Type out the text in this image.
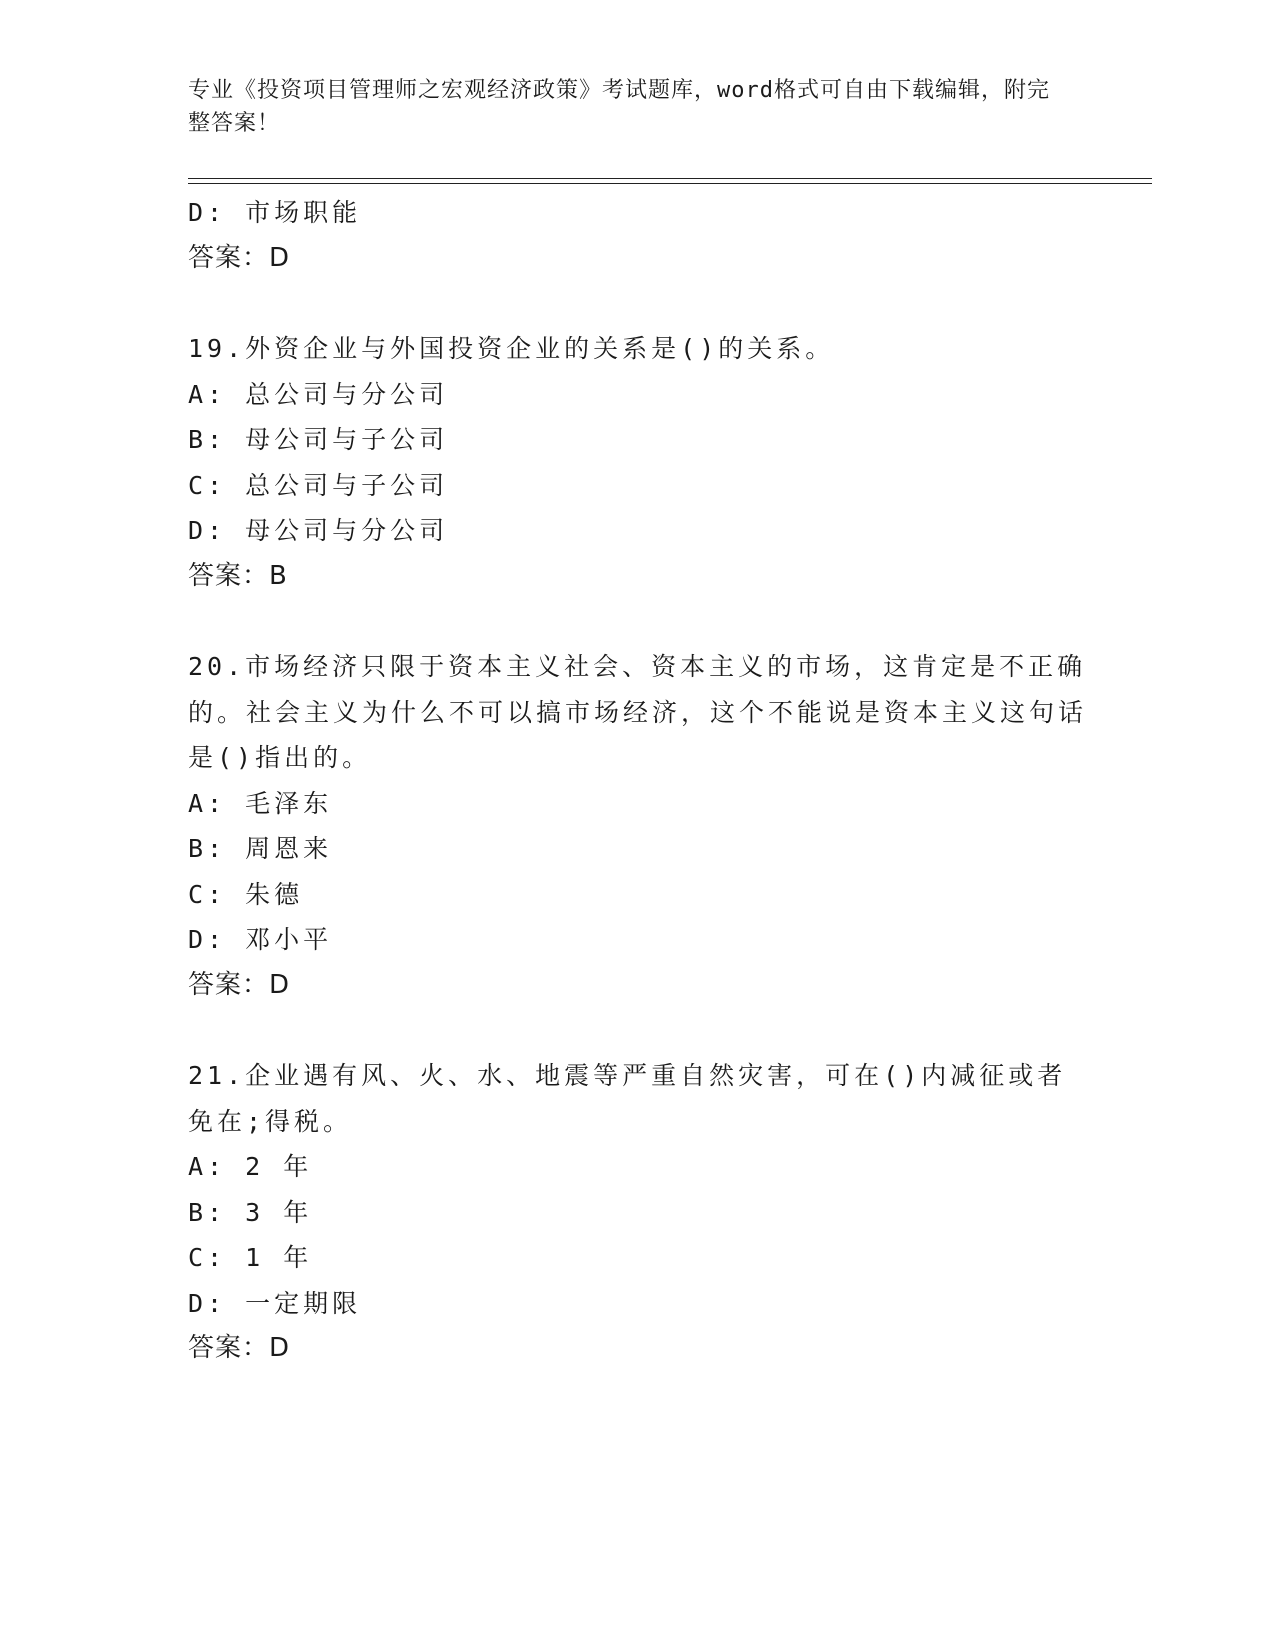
专业《投资项目管理师之宏观经济政策》考试题库，word格式可自由下载编辑，附完整答案！
D: 市场职能
答案：D
19.外资企业与外国投资企业的关系是()的关系。
A: 总公司与分公司
B: 母公司与子公司
C: 总公司与子公司
D: 母公司与分公司
答案：B
20.市场经济只限于资本主义社会、资本主义的市场，这肯定是不正确的。社会主义为什么不可以搞市场经济，这个不能说是资本主义这句话是()指出的。
A: 毛泽东
B: 周恩来
C: 朱德
D: 邓小平
答案：D
21.企业遇有风、火、水、地震等严重自然灾害，可在()内减征或者免在;得税。
A: 2 年
B: 3 年
C: 1 年
D: 一定期限
答案：D
